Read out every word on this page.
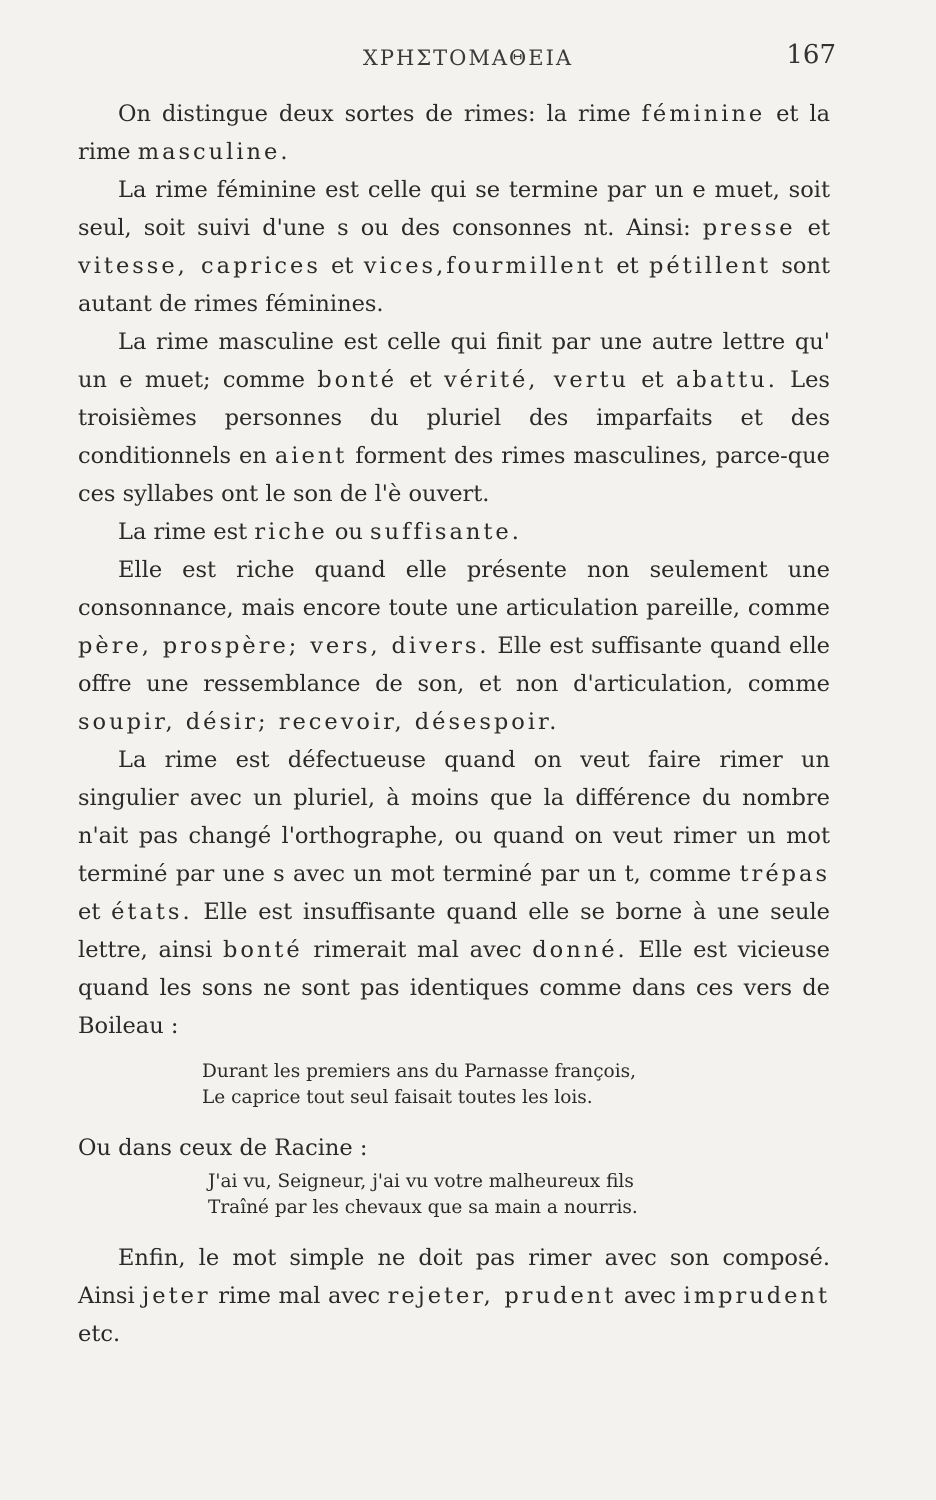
ΧΡΗΣΤΟΜΑΘΕΙΑ	167

On distingue deux sortes de rimes: la rime féminine et la rime masculine.

La rime féminine est celle qui se termine par un e muet, soit seul, soit suivi d'une s ou des consonnes nt. Ainsi: presse et vitesse, caprices et vices,fourmillent et pétillent sont autant de rimes féminines.

La rime masculine est celle qui finit par une autre lettre qu' un e muet; comme bonté et vérité, vertu et abattu. Les troisièmes personnes du pluriel des imparfaits et des conditionnels en aient forment des rimes masculines, parce-que ces syllabes ont le son de l'è ouvert.

La rime est riche ou suffisante.

Elle est riche quand elle présente non seulement une consonnance, mais encore toute une articulation pareille, comme père, prospère; vers, divers. Elle est suffisante quand elle offre une ressemblance de son, et non d'articulation, comme soupir, désir; recevoir, désespoir.

La rime est défectueuse quand on veut faire rimer un singulier avec un pluriel, à moins que la différence du nombre n'ait pas changé l'orthographe, ou quand on veut rimer un mot terminé par une s avec un mot terminé par un t, comme trépas et états. Elle est insuffisante quand elle se borne à une seule lettre, ainsi bonté rimerait mal avec donné. Elle est vicieuse quand les sons ne sont pas identiques comme dans ces vers de Boileau :

Durant les premiers ans du Parnasse françois,
Le caprice tout seul faisait toutes les lois.

Ou dans ceux de Racine :

J'ai vu, Seigneur, j'ai vu votre malheureux fils
Traîné par les chevaux que sa main a nourris.

Enfin, le mot simple ne doit pas rimer avec son composé. Ainsi jeter rime mal avec rejeter, prudent avec imprudent etc.
